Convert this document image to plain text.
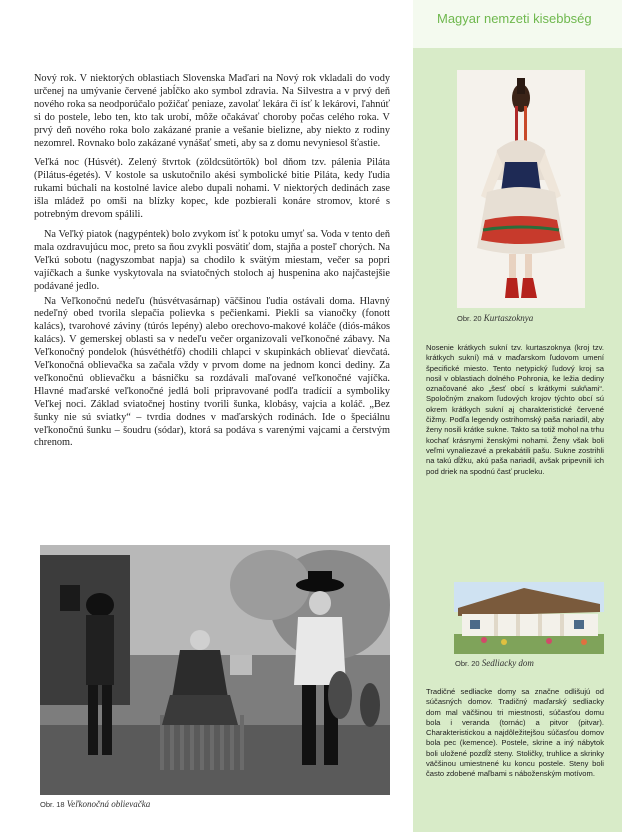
Magyar nemzeti kisebbség

Nový rok. V niektorých oblastiach Slovenska Maďari na Nový rok vkladali do vody určenej na umývanie červené jabĺčko ako symbol zdravia. Na Silvestra a v prvý deň nového roka sa neodporúčalo požičať peniaze, zavolať lekára či ísť k lekárovi, ľahnúť si do postele, lebo ten, kto tak urobí, môže očakávať choroby počas celého roka. V prvý deň nového roka bolo zakázané pranie a vešanie bielizne, aby niekto z rodiny nezomrel. Rovnako bolo zakázané vynášať smeti, aby sa z domu nevyniesol šťastie.

Veľká noc (Húsvét). Zelený štvrtok (zöldcsütörtök) bol dňom tzv. pálenia Piláta (Pilátus-égetés). V kostole sa uskutočnilo akési symbolické bitie Piláta, kedy ľudia rukami búchali na kostolné lavice alebo dupali nohami. V niektorých dedinách zase išla mládež po omši na blízky kopec, kde pozbierali konáre stromov, ktoré s potrebným drevom spálili.

Na Veľký piatok (nagypéntek) bolo zvykom ísť k potoku umyť sa. Voda v tento deň mala ozdravujúcu moc, preto sa ňou zvykli posvätiť dom, stajňa a posteľ chorých. Na Veľkú sobotu (nagyszombat napja) sa chodilo k svätým miestam, večer sa popri vajíčkach a šunke vyskytovala na sviatočných stoloch aj huspenina ako najčastejšie podávané jedlo.

Na Veľkonočnú nedeľu (húsvétvasárnap) väčšinou ľudia ostávali doma. Hlavný nedeľný obed tvorila slepačia polievka s pečienkami. Piekli sa vianočky (fonott kalács), tvarohové záviny (túrós lepény) alebo orechovo-makové koláče (diós-mákos kalács). V gemerskej oblasti sa v nedeľu večer organizovali veľkonočné zábavy. Na Veľkonočný pondelok (húsvéthétfő) chodili chlapci v skupinkách oblievať dievčatá. Veľkonočná oblievačka sa začala vždy v prvom dome na jednom konci dediny. Za veľkonočnú oblievačku a básničku sa rozdávali maľované veľkonočné vajíčka. Hlavné maďarské veľkonočné jedlá boli pripravované podľa tradícií a symboliky Veľkej noci. Základ sviatočnej hostiny tvorili šunka, klobásy, vajcia a koláč. „Bez šunky nie sú sviatky“ – tvrdia dodnes v maďarských rodinách. Ide o špeciálnu veľkonočnú šunku – šoudru (sódar), ktorá sa podáva s varenými vajcami a čerstvým chrenom.

Obr. 20 Kurtaszoknya
Nosenie krátkych sukní tzv. kurtaszoknya (kroj tzv. krátkych sukní) má v maďarskom ľudovom umení špecifické miesto. Tento netypický ľudový kroj sa nosil v oblastiach dolného Pohronia, ke ležia dediny označované ako „šesť obcí s krátkymi sukňami“. Spoločným znakom ľudových krojov týchto obcí sú okrem krátkych sukní aj charakteristické červené čižmy. Podľa legendy ostrihomský paša nariadil, aby ženy nosili krátke sukne. Takto sa totiž mohol na trhu kochať krásnymi ženskými nohami. Ženy však boli veľmi vynaliezavé a prekabátili pašu. Sukne zostrihli na takú dĺžku, akú paša nariadil, avšak pripevnili ich pod driek na spodnú časť prucleku.
Obr. 20 Sedliacky dom
Tradičné sedliacke domy sa značne odlišujú od súčasných domov. Tradičný maďarský sedliacky dom mal väčšinou tri miestnosti, súčasťou domu bola i veranda (tornác) a pitvor (pitvar). Charakteristickou a najdôležitejšou súčasťou domov bola pec (kemence). Postele, skrine a iný nábytok boli uložené pozdĺž steny. Stoličky, truhlice a skrinky väčšinou umiestnené ku koncu postele. Steny boli často zdobené maľbami s náboženským motívom.
Obr. 18 Veľkonočná oblievačka
